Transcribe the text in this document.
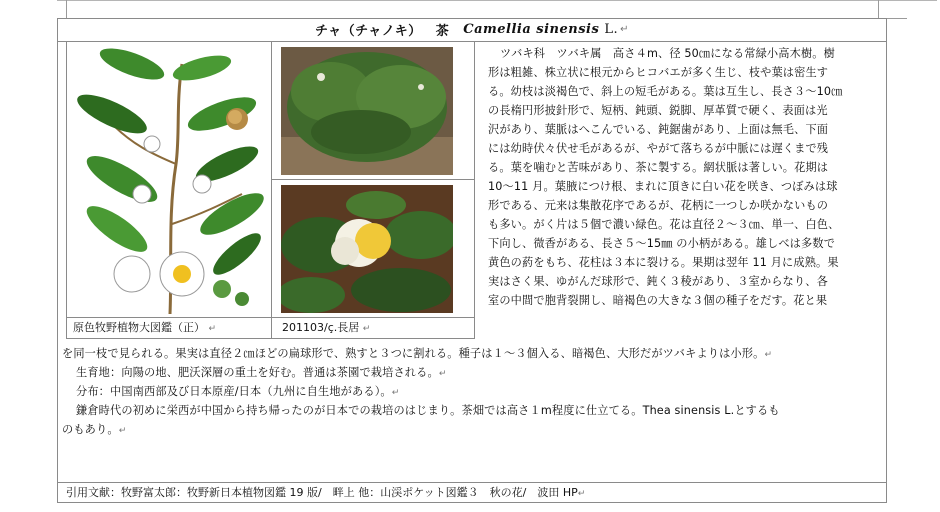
チャ（チャノキ） 茶 Camellia sinensis L. ↵
原色牧野植物大図鑑（正） ↵	201103/ç.長居 ↵
ツバキ科　ツバキ属　高さ４m、径 50㎝になる常緑小高木樹。樹
形は粗雑、株立状に根元からヒコバエが多く生じ、枝や葉は密生す
る。幼枝は淡褐色で、斜上の短毛がある。葉は互生し、長さ３～10㎝
の長楕円形披針形で、短柄、鈍頭、鋭脚、厚革質で硬く、表面は光
沢があり、葉脈はへこんでいる、鈍鋸歯があり、上面は無毛、下面
には幼時伏々伏せ毛があるが、やがて落ちるが中脈には遅くまで残
る。葉を噛むと苦味があり、茶に製する。網状脈は著しい。花期は
10～11 月。葉腋につけ根、まれに頂きに白い花を咲き、つぼみは球
形である、元来は集散花序であるが、花柄に一つしか咲かないもの
も多い。がく片は５個で濃い緑色。花は直径２～３㎝、単一、白色、
下向し、微香がある、長さ５～15㎜ の小柄がある。雄しべは多数で
黄色の葯をもち、花柱は３本に裂ける。果期は翌年 11 月に成熟。果
実はさく果、ゆがんだ球形で、鈍く３稜があり、３室からなり、各
室の中間で胞背裂開し、暗褐色の大きな３個の種子をだす。花と果
を同一枝で見られる。果実は直径２㎝ほどの扁球形で、熟すと３つに割れる。種子は１～３個入る、暗褐色、大形だがツバキよりは小形。↵
生育地：向陽の地、肥沃深層の重土を好む。普通は茶園で栽培される。↵
分布：中国南西部及び日本原産/日本（九州に自生地がある）。↵
鎌倉時代の初めに栄西が中国から持ち帰ったのが日本での栽培のはじまり。茶畑では高さ１m程度に仕立てる。Thea sinensis L.とするも
のもあり。↵
引用文献：牧野富太郎：牧野新日本植物図鑑 19 版/　畔上 他：山渓ポケット図鑑３　秋の花/　波田 HP↵
